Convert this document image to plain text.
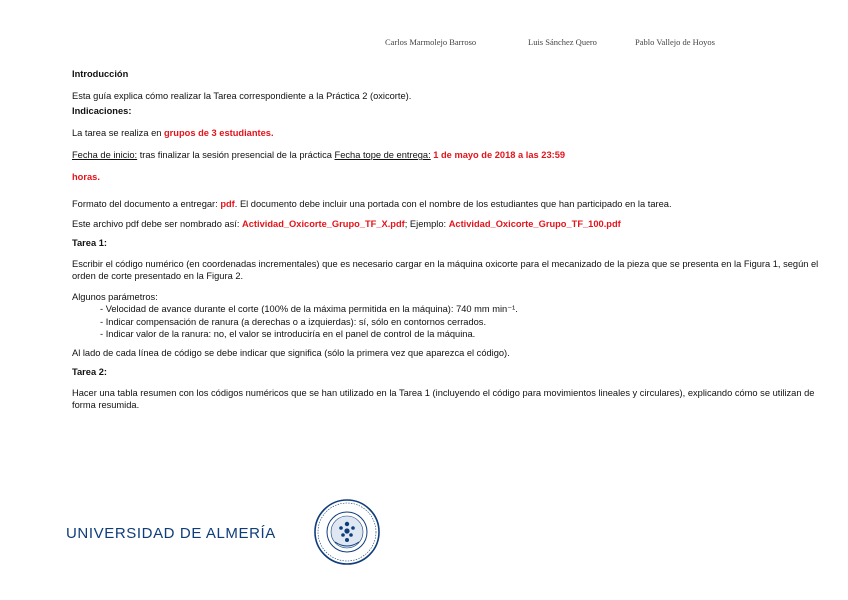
Carlos Marmolejo Barroso	Luis Sánchez Quero	Pablo Vallejo de Hoyos

Introducción

Esta guía explica cómo realizar la Tarea correspondiente a la Práctica 2 (oxicorte).

Indicaciones:

La tarea se realiza en grupos de 3 estudiantes.

Fecha de inicio: tras finalizar la sesión presencial de la práctica Fecha tope de entrega: 1 de mayo de 2018 a las 23:59

horas.

Formato del documento a entregar: pdf. El documento debe incluir una portada con el nombre de los estudiantes que han participado en la tarea.

Este archivo pdf debe ser nombrado así: Actividad_Oxicorte_Grupo_TF_X.pdf; Ejemplo: Actividad_Oxicorte_Grupo_TF_100.pdf

Tarea 1:

Escribir el código numérico (en coordenadas incrementales) que es necesario cargar en la máquina oxicorte para el mecanizado de la pieza que se presenta en la Figura 1, según el orden de corte presentado en la Figura 2.

Algunos parámetros:

- Velocidad de avance durante el corte (100% de la máxima permitida en la máquina): 740 mm min⁻¹.
- Indicar compensación de ranura (a derechas o a izquierdas): sí, sólo en contornos cerrados.
- Indicar valor de la ranura: no, el valor se introduciría en el panel de control de la máquina.

Al lado de cada línea de código se debe indicar que significa (sólo la primera vez que aparezca el código).

Tarea 2:

Hacer una tabla resumen con los códigos numéricos que se han utilizado en la Tarea 1 (incluyendo el código para movimientos lineales y circulares), explicando cómo se utilizan de forma resumida.

UNIVERSIDAD DE ALMERÍA
